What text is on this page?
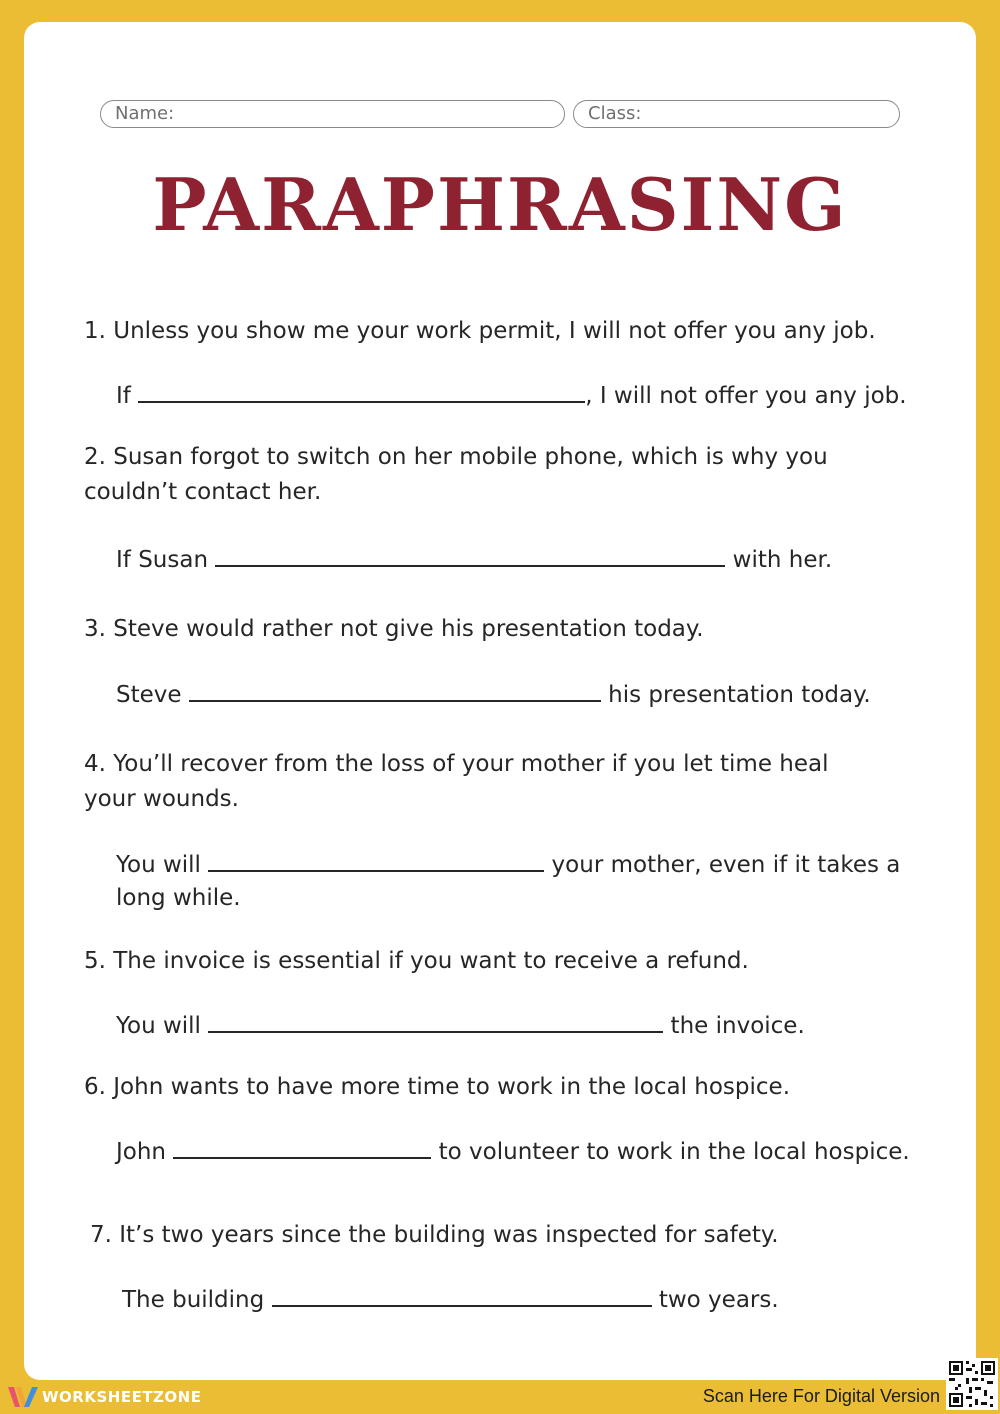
Name:	Class:
PARAPHRASING
1. Unless you show me your work permit, I will not offer you any job.
If	, I will not offer you any job.
2. Susan forgot to switch on her mobile phone, which is why you
couldn’t contact her.
If Susan	with her.
3. Steve would rather not give his presentation today.
Steve	his presentation today.
4. You’ll recover from the loss of your mother if you let time heal
your wounds.
You will	your mother, even if it takes a
long while.
5. The invoice is essential if you want to receive a refund.
You will	the invoice.
6. John wants to have more time to work in the local hospice.
John	to volunteer to work in the local hospice.
7. It’s two years since the building was inspected for safety.
The building	two years.
WORKSHEETZONE	Scan Here For Digital Version
